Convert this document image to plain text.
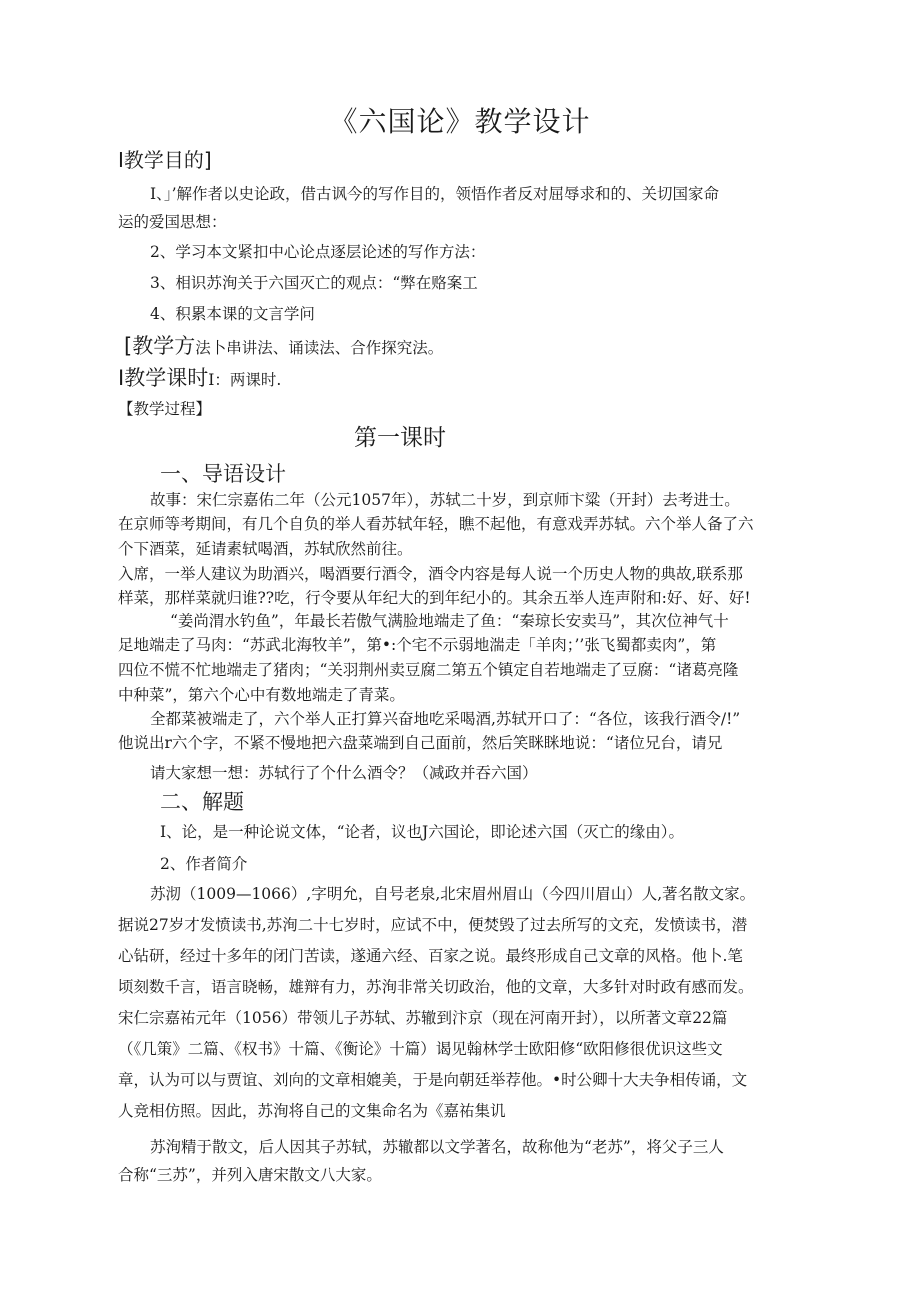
《六国论》教学设计
Ⅰ教学目的]
I、」’解作者以史论政，借古讽今的写作目的，领悟作者反对屈辱求和的、关切国家命
运的爱国思想：
2、学习本文紧扣中心论点逐层论述的写作方法：
3、相识苏洵关于六国灭亡的观点：“弊在赂案工
4、积累本课的文言学问
[教学方法卜串讲法、诵读法、合作探究法。
Ⅰ教学课时I：两课时.
【教学过程】
第一课时
一、导语设计
故事：宋仁宗嘉佑二年（公元1057年），苏轼二十岁，到京师卞粱（开封）去考进士。
在京师等考期间，有几个自负的举人看苏轼年轻，瞧不起他，有意戏弄苏轼。六个举人备了六
个下酒菜，延请素轼喝酒，苏轼欣然前往。
入席，一举人建议为助酒兴，喝酒要行酒令，酒令内容是每人说一个历史人物的典故,联系那
样菜，那样菜就归谁??吃，行令要从年纪大的到年纪小的。其余五举人连声附和:好、好、好!
“姜尚渭水钓鱼”，年最长若傲气满脸地端走了鱼：“秦琼长安卖马”，其次位神气十
足地端走了马肉：“苏武北海牧羊”，第•:个宅不示弱地湍走「羊肉；’’张飞蜀都卖肉”，第
四位不慌不忙地端走了猪肉；“关羽荆州卖豆腐二第五个镇定自若地端走了豆腐：“诸葛亮隆
中种菜”，第六个心中有数地端走了青菜。
全都菜被端走了，六个举人正打算兴奋地吃采喝酒,苏轼开口了：“各位，该我行酒令/!”
他说出r六个字，不紧不慢地把六盘菜端到自己面前，然后笑眯眯地说：“诸位兄台，请兄
请大家想一想：苏轼行了个什么酒令？（减政并吞六国）
二、解题
I、论，是一种论说文体，“论者，议也J六国论，即论述六国（灭亡的缘由）。
2、作者简介
苏沏（1009—1066）,字明允，自号老泉,北宋眉州眉山（今四川眉山）人,著名散文家。
据说27岁才发愤读书,苏洵二十七岁时，应试不中，便焚毁了过去所写的文充，发愤读书，潜
心钻研，经过十多年的闭门苦读，遂通六经、百家之说。最终形成自己文章的风格。他卜.笔
顷刻数千言，语言晓畅，雄辩有力，苏洵非常关切政治，他的文章，大多针对时政有感而发。
宋仁宗嘉祐元年（1056）带领儿子苏轼、苏辙到汴京（现在河南开封），以所著文章22篇
（《几策》二篇、《权书》十篇、《衡论》十篇）谒见翰林学士欧阳修“欧阳修很优识这些文
章，认为可以与贾谊、刘向的文章相媲美，于是向朝廷举荐他。•时公卿十大夫争相传诵，文
人竞相仿照。因此，苏洵将自己的文集命名为《嘉祐集讥
苏洵精于散文，后人因其子苏轼，苏辙都以文学著名，故称他为“老苏”，将父子三人
合称“三苏”，并列入唐宋散文八大家。
